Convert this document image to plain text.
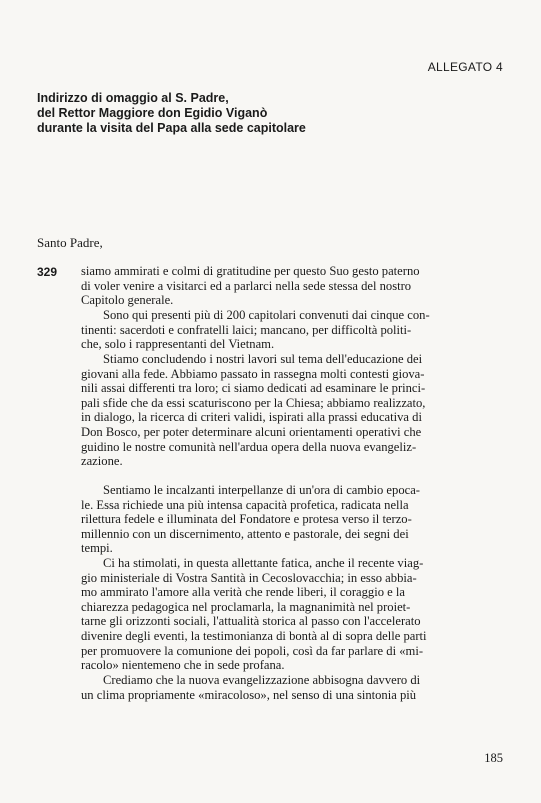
ALLEGATO 4
Indirizzo di omaggio al S. Padre,
del Rettor Maggiore don Egidio Viganò
durante la visita del Papa alla sede capitolare
Santo Padre,
329 siamo ammirati e colmi di gratitudine per questo Suo gesto paterno
di voler venire a visitarci ed a parlarci nella sede stessa del nostro
Capitolo generale.
Sono qui presenti più di 200 capitolari convenuti dai cinque con-
tinenti: sacerdoti e confratelli laici; mancano, per difficoltà politi-
che, solo i rappresentanti del Vietnam.
Stiamo concludendo i nostri lavori sul tema dell'educazione dei
giovani alla fede. Abbiamo passato in rassegna molti contesti giova-
nili assai differenti tra loro; ci siamo dedicati ad esaminare le princi-
pali sfide che da essi scaturiscono per la Chiesa; abbiamo realizzato,
in dialogo, la ricerca di criteri validi, ispirati alla prassi educativa di
Don Bosco, per poter determinare alcuni orientamenti operativi che
guidino le nostre comunità nell'ardua opera della nuova evangeliz-
zazione.
Sentiamo le incalzanti interpellanze di un'ora di cambio epoca-
le. Essa richiede una più intensa capacità profetica, radicata nella
rilettura fedele e illuminata del Fondatore e protesa verso il terzo-
millennio con un discernimento, attento e pastorale, dei segni dei
tempi.
Ci ha stimolati, in questa allettante fatica, anche il recente viag-
gio ministeriale di Vostra Santità in Cecoslovacchia; in esso abbia-
mo ammirato l'amore alla verità che rende liberi, il coraggio e la
chiarezza pedagogica nel proclamarla, la magnanimità nel proiet-
tarne gli orizzonti sociali, l'attualità storica al passo con l'accelerato
divenire degli eventi, la testimonianza di bontà al di sopra delle parti
per promuovere la comunione dei popoli, così da far parlare di «mi-
racolo» nientemeno che in sede profana.
Crediamo che la nuova evangelizzazione abbisogna davvero di
un clima propriamente «miracoloso», nel senso di una sintonia più
185
